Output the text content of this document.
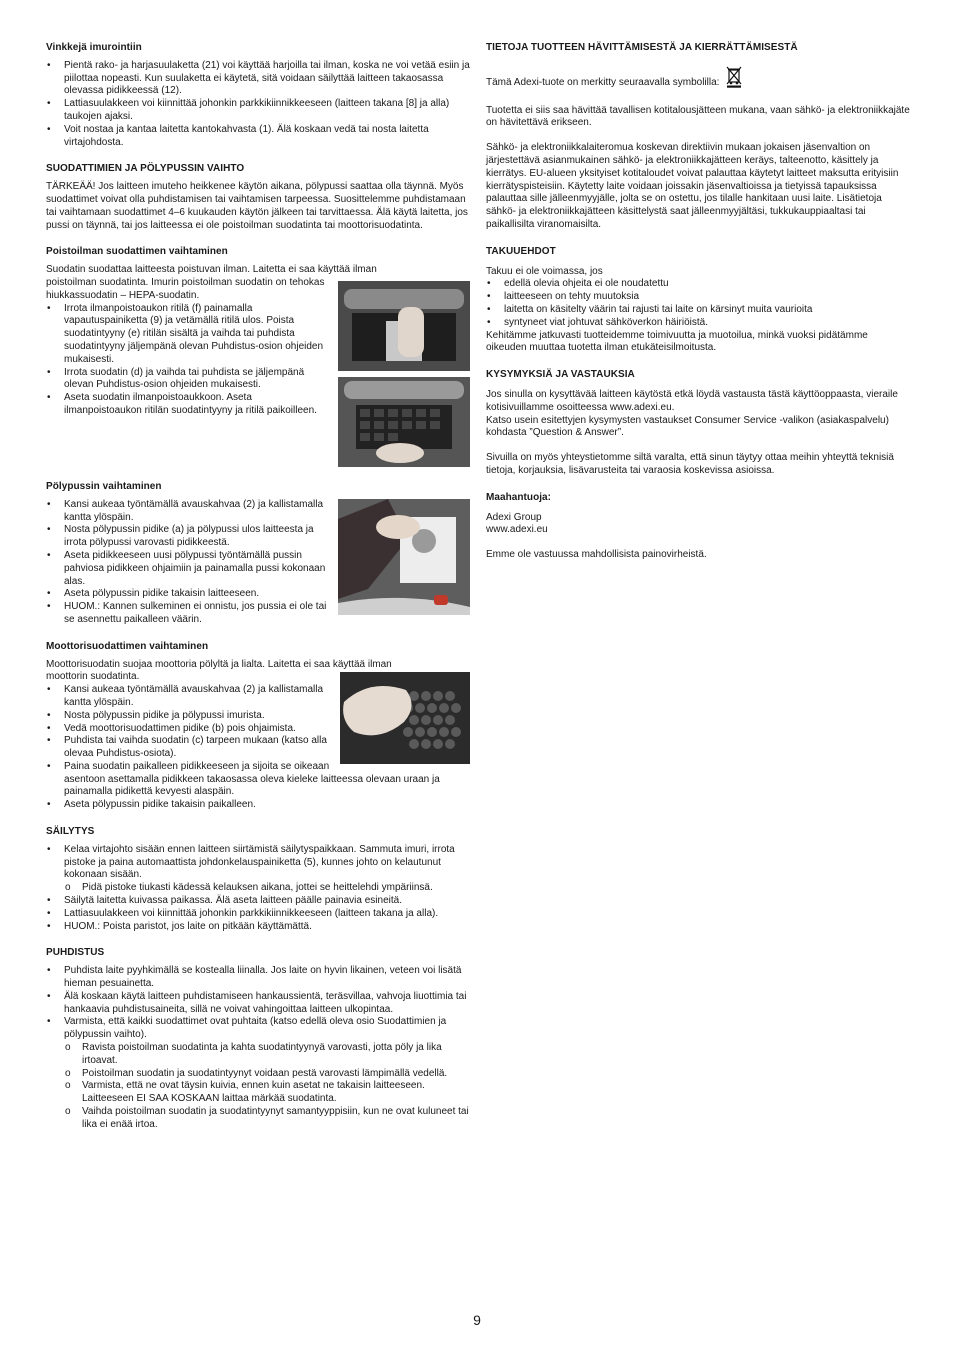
Vinkkejä imurointiin
• Pientä rako- ja harjasuulaketta (21) voi käyttää harjoilla tai ilman, koska ne voi vetää esiin ja piilottaa nopeasti. Kun suulaketta ei käytetä, sitä voidaan säilyttää laitteen takaosassa olevassa pidikkeessä (12).
• Lattiasuulakkeen voi kiinnittää johonkin parkkikiinnikkeeseen (laitteen takana [8] ja alla) taukojen ajaksi.
• Voit nostaa ja kantaa laitetta kantokahvasta (1). Älä koskaan vedä tai nosta laitetta virtajohdosta.
SUODATTIMIEN JA PÖLYPUSSIN VAIHTO

TÄRKEÄÄ! Jos laitteen imuteho heikkenee käytön aikana, pölypussi saattaa olla täynnä. Myös suodattimet voivat olla puhdistamisen tai vaihtamisen tarpeessa. Suosittelemme puhdistamaan tai vaihtamaan suodattimet 4–6 kuukauden käytön jälkeen tai tarvittaessa. Älä käytä laitetta, jos pussi on täynnä, tai jos laitteessa ei ole poistoilman suodatinta tai moottorisuodatinta.

Poistoilman suodattimen vaihtaminen

Suodatin suodattaa laitteesta poistuvan ilman. Laitetta ei saa käyttää ilman

poistoilman suodatinta. Imurin poistoilman suodatin on tehokas hiukkassuodatin – HEPA-suodatin.

• Irrota ilmanpoistoaukon ritilä (f) painamalla vapautuspainiketta (9) ja vetämällä ritilä ulos. Poista suodatintyyny (e) ritilän sisältä ja vaihda tai puhdista suodatintyyny jäljempänä olevan Puhdistus-osion ohjeiden mukaisesti.
• Irrota suodatin (d) ja vaihda tai puhdista se jäljempänä olevan Puhdistus-osion ohjeiden mukaisesti.
• Aseta suodatin ilmanpoistoaukkoon. Aseta ilmanpoistoaukon ritilän suodatintyyny ja ritilä paikoilleen.
Pölypussin vaihtaminen
• Kansi aukeaa työntämällä avauskahvaa (2) ja kallistamalla kantta ylöspäin.
• Nosta pölypussin pidike (a) ja pölypussi ulos laitteesta ja irrota pölypussi varovasti pidikkeestä.
• Aseta pidikkeeseen uusi pölypussi työntämällä pussin pahviosa pidikkeen ohjaimiin ja painamalla pussi kokonaan alas.
• Aseta pölypussin pidike takaisin laitteeseen.
• HUOM.: Kannen sulkeminen ei onnistu, jos pussia ei ole tai se asennettu paikalleen väärin.
Moottorisuodattimen vaihtaminen

Moottorisuodatin suojaa moottoria pölyltä ja lialta. Laitetta ei saa käyttää ilman

moottorin suodatinta.

• Kansi aukeaa työntämällä avauskahvaa (2) ja kallistamalla kantta ylöspäin.
• Nosta pölypussin pidike ja pölypussi imurista.
• Vedä moottorisuodattimen pidike (b) pois ohjaimista.
• Puhdista tai vaihda suodatin (c) tarpeen mukaan (katso alla olevaa Puhdistus-osiota).
• Paina suodatin paikalleen pidikkeeseen ja sijoita se oikeaan asentoon asettamalla pidikkeen takaosassa oleva kieleke laitteessa olevaan uraan ja painamalla pidikettä kevyesti alaspäin.
• Aseta pölypussin pidike takaisin paikalleen.
SÄILYTYS
• Kelaa virtajohto sisään ennen laitteen siirtämistä säilytyspaikkaan. Sammuta imuri, irrota pistoke ja paina automaattista johdonkelauspainiketta (5), kunnes johto on kelautunut kokonaan sisään.
o Pidä pistoke tiukasti kädessä kelauksen aikana, jottei se heittelehdi ympäriinsä.
• Säilytä laitetta kuivassa paikassa. Älä aseta laitteen päälle painavia esineitä.
• Lattiasuulakkeen voi kiinnittää johonkin parkkikiinnikkeeseen (laitteen takana ja alla).
• HUOM.: Poista paristot, jos laite on pitkään käyttämättä.
PUHDISTUS
• Puhdista laite pyyhkimällä se kostealla liinalla. Jos laite on hyvin likainen, veteen voi lisätä hieman pesuainetta.
• Älä koskaan käytä laitteen puhdistamiseen hankaussientä, teräsvillaa, vahvoja liuottimia tai hankaavia puhdistusaineita, sillä ne voivat vahingoittaa laitteen ulkopintaa.
• Varmista, että kaikki suodattimet ovat puhtaita (katso edellä oleva osio Suodattimien ja pölypussin vaihto).
o Ravista poistoilman suodatinta ja kahta suodatintyynyä varovasti, jotta pöly ja lika irtoavat.
o Poistoilman suodatin ja suodatintyynyt voidaan pestä varovasti lämpimällä vedellä.
o Varmista, että ne ovat täysin kuivia, ennen kuin asetat ne takaisin laitteeseen. Laitteeseen EI SAA KOSKAAN laittaa märkää suodatinta.
o Vaihda poistoilman suodatin ja suodatintyynyt samantyyppisiin, kun ne ovat kuluneet tai lika ei enää irtoa.
TIETOJA TUOTTEEN HÄVITTÄMISESTÄ JA KIERRÄTTÄMISESTÄ

Tämä Adexi-tuote on merkitty seuraavalla symbolilla:

Tuotetta ei siis saa hävittää tavallisen kotitalousjätteen mukana, vaan sähkö- ja elektroniikkajäte on hävitettävä erikseen.

Sähkö- ja elektroniikkalaiteromua koskevan direktiivin mukaan jokaisen jäsenvaltion on järjestettävä asianmukainen sähkö- ja elektroniikkajätteen keräys, talteenotto, käsittely ja kierrätys. EU-alueen yksityiset kotitaloudet voivat palauttaa käytetyt laitteet maksutta erityisiin kierrätyspisteisiin. Käytetty laite voidaan joissakin jäsenvaltioissa ja tietyissä tapauksissa palauttaa sille jälleenmyyjälle, jolta se on ostettu, jos tilalle hankitaan uusi laite. Lisätietoja sähkö- ja elektroniikkajätteen käsittelystä saat jälleenmyyjältäsi, tukkukauppiaaltasi tai paikallisilta viranomaisilta.

TAKUUEHDOT

Takuu ei ole voimassa, jos

• edellä olevia ohjeita ei ole noudatettu
• laitteeseen on tehty muutoksia
• laitetta on käsitelty väärin tai rajusti tai laite on kärsinyt muita vaurioita
• syntyneet viat johtuvat sähköverkon häiriöistä.

Kehitämme jatkuvasti tuotteidemme toimivuutta ja muotoilua, minkä vuoksi pidätämme oikeuden muuttaa tuotetta ilman etukäteisilmoitusta.

KYSYMYKSIÄ JA VASTAUKSIA

Jos sinulla on kysyttävää laitteen käytöstä etkä löydä vastausta tästä käyttöoppaasta, vieraile kotisivuillamme osoitteessa www.adexi.eu.

Katso usein esitettyjen kysymysten vastaukset Consumer Service -valikon (asiakaspalvelu) kohdasta ”Question & Answer”.

Sivuilla on myös yhteystietomme siltä varalta, että sinun täytyy ottaa meihin yhteyttä teknisiä tietoja, korjauksia, lisävarusteita tai varaosia koskevissa asioissa.

Maahantuoja:

Adexi Group

www.adexi.eu

Emme ole vastuussa mahdollisista painovirheistä.

9
